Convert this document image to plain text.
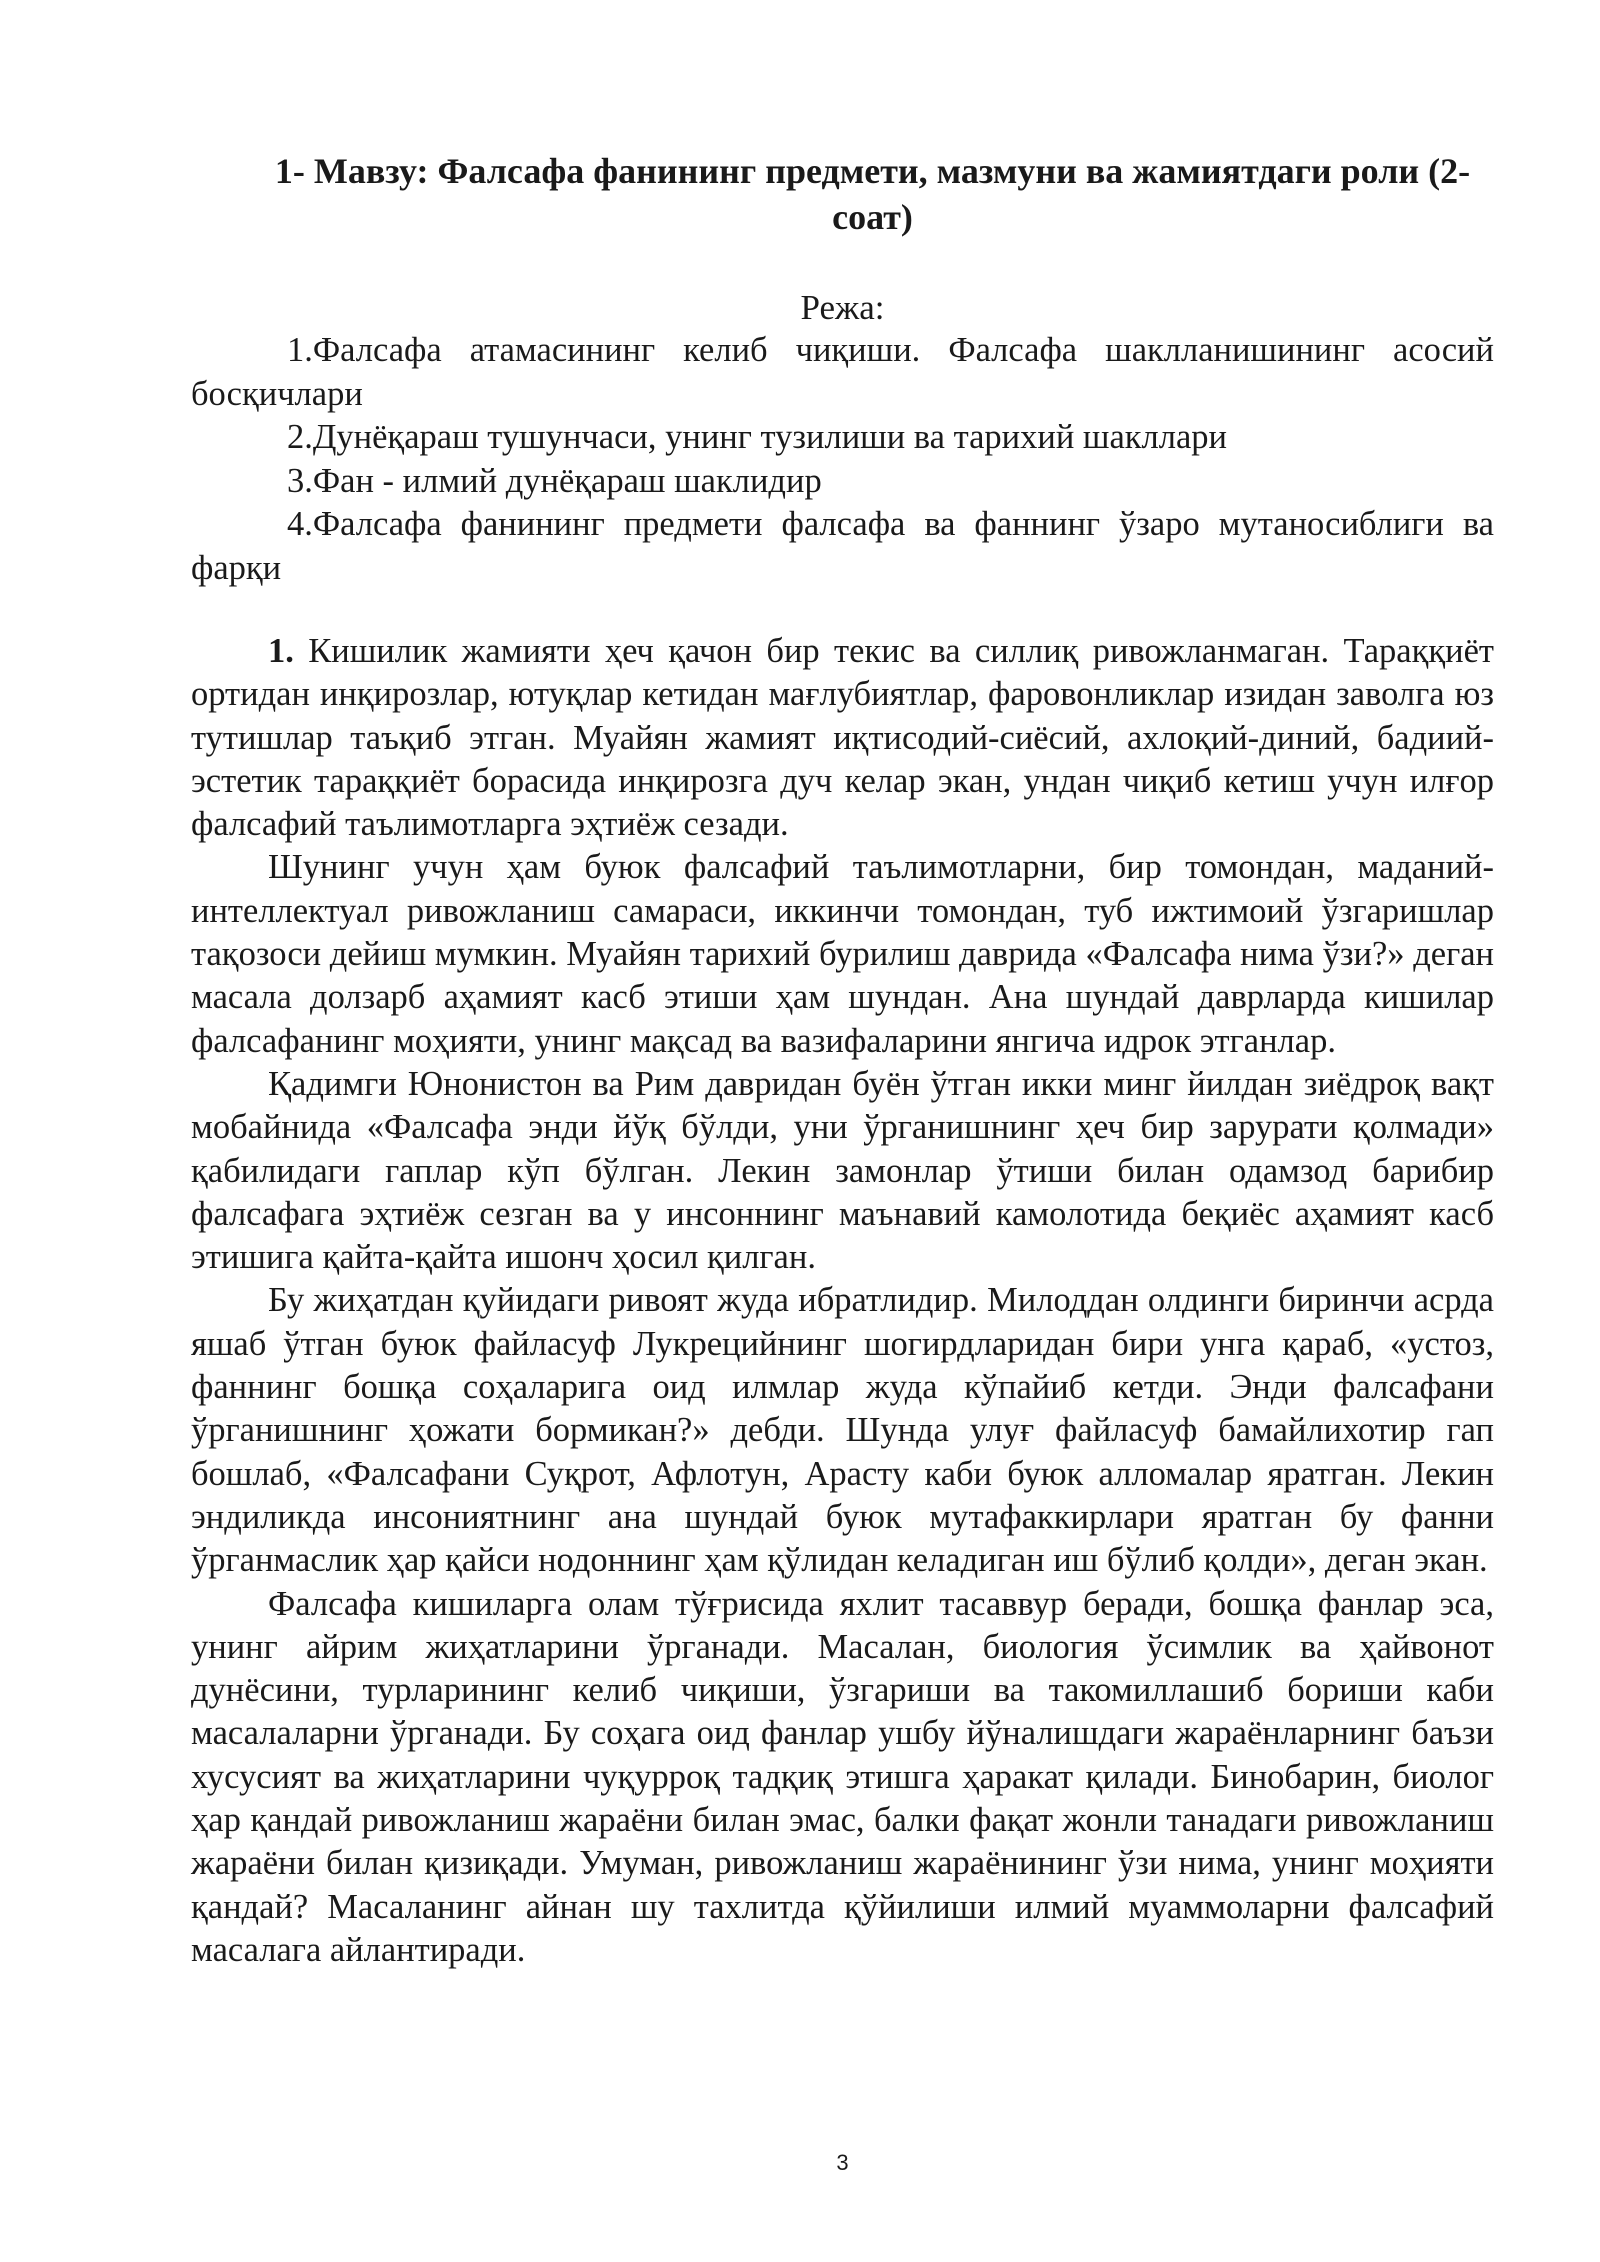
1- Мавзу: Фалсафа фанининг предмети, мазмуни ва жамиятдаги роли (2-соат)

Режа:

1.Фалсафа атамасининг келиб чиқиши. Фалсафа шаклланишининг асосий босқичлари
2.Дунёқараш тушунчаси, унинг тузилиши ва тарихий шакллари
3.Фан - илмий дунёқараш шаклидир
4.Фалсафа фанининг предмети фалсафа ва фаннинг ўзаро мутаносиблиги ва фарқи

1. Кишилик жамияти ҳеч қачон бир текис ва силлиқ ривожланмаган. Тараққиёт ортидан инқирозлар, ютуқлар кетидан мағлубиятлар, фаровонликлар изидан заволга юз тутишлар таъқиб этган. Муайян жамият иқтисодий-сиёсий, ахлоқий-диний, бадиий-эстетик тараққиёт борасида инқирозга дуч келар экан, ундан чиқиб кетиш учун илғор фалсафий таълимотларга эҳтиёж сезади.

Шунинг учун ҳам буюк фалсафий таълимотларни, бир томондан, маданий-интеллектуал ривожланиш самараси, иккинчи томондан, туб ижтимоий ўзгаришлар тақозоси дейиш мумкин. Муайян тарихий бурилиш даврида «Фалсафа нима ўзи?» деган масала долзарб аҳамият касб этиши ҳам шундан. Ана шундай даврларда кишилар фалсафанинг моҳияти, унинг мақсад ва вазифаларини янгича идрок этганлар.

Қадимги Юнонистон ва Рим давридан буён ўтган икки минг йилдан зиёдроқ вақт мобайнида «Фалсафа энди йўқ бўлди, уни ўрганишнинг ҳеч бир зарурати қолмади» қабилидаги гаплар кўп бўлган. Лекин замонлар ўтиши билан одамзод барибир фалсафага эҳтиёж сезган ва у инсоннинг маънавий камолотида беқиёс аҳамият касб этишига қайта-қайта ишонч ҳосил қилган.

Бу жиҳатдан қуйидаги ривоят жуда ибратлидир. Милоддан олдинги биринчи асрда яшаб ўтган буюк файласуф Лукрецийнинг шогирдларидан бири унга қараб, «устоз, фаннинг бошқа соҳаларига оид илмлар жуда кўпайиб кетди. Энди фалсафани ўрганишнинг ҳожати бормикан?» дебди. Шунда улуғ файласуф бамайлихотир гап бошлаб, «Фалсафани Суқрот, Афлотун, Арасту каби буюк алломалар яратган. Лекин эндиликда инсониятнинг ана шундай буюк мутафаккирлари яратган бу фанни ўрганмаслик ҳар қайси нодоннинг ҳам қўлидан келадиган иш бўлиб қолди», деган экан.

Фалсафа кишиларга олам тўғрисида яхлит тасаввур беради, бошқа фанлар эса, унинг айрим жиҳатларини ўрганади. Масалан, биология ўсимлик ва ҳайвонот дунёсини, турларининг келиб чиқиши, ўзгариши ва такомиллашиб бориши каби масалаларни ўрганади. Бу соҳага оид фанлар ушбу йўналишдаги жараёнларнинг баъзи хусусият ва жиҳатларини чуқурроқ тадқиқ этишга ҳаракат қилади. Бинобарин, биолог ҳар қандай ривожланиш жараёни билан эмас, балки фақат жонли танадаги ривожланиш жараёни билан қизиқади. Умуман, ривожланиш жараёнининг ўзи нима, унинг моҳияти қандай? Масаланинг айнан шу тахлитда қўйилиши илмий муаммоларни фалсафий масалага айлантиради.

3
